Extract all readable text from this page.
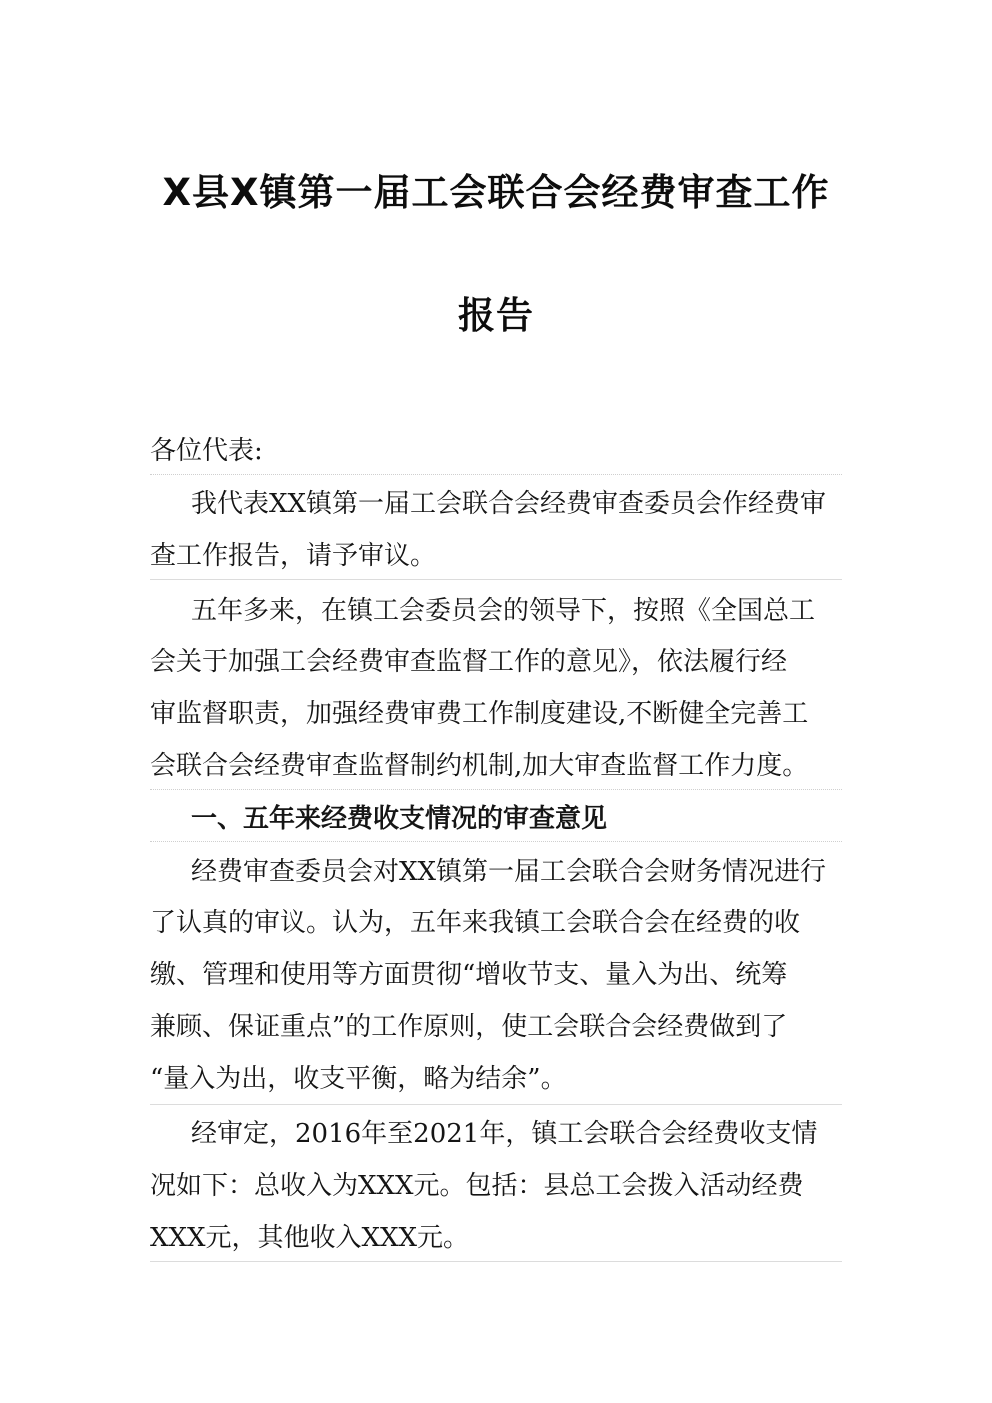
X县X镇第一届工会联合会经费审查工作
报告
各位代表:
我代表XX镇第一届工会联合会经费审查委员会作经费审
查工作报告，请予审议。
五年多来，在镇工会委员会的领导下，按照《全国总工
会关于加强工会经费审查监督工作的意见》，依法履行经
审监督职责，加强经费审费工作制度建设,不断健全完善工
会联合会经费审查监督制约机制,加大审查监督工作力度。
一、五年来经费收支情况的审查意见
经费审查委员会对XX镇第一届工会联合会财务情况进行
了认真的审议。认为，五年来我镇工会联合会在经费的收
缴、管理和使用等方面贯彻“增收节支、量入为出、统筹
兼顾、保证重点”的工作原则，使工会联合会经费做到了
“量入为出，收支平衡，略为结余”。
经审定，2016年至2021年，镇工会联合会经费收支情
况如下：总收入为XXX元。包括：县总工会拨入活动经费
XXX元，其他收入XXX元。
